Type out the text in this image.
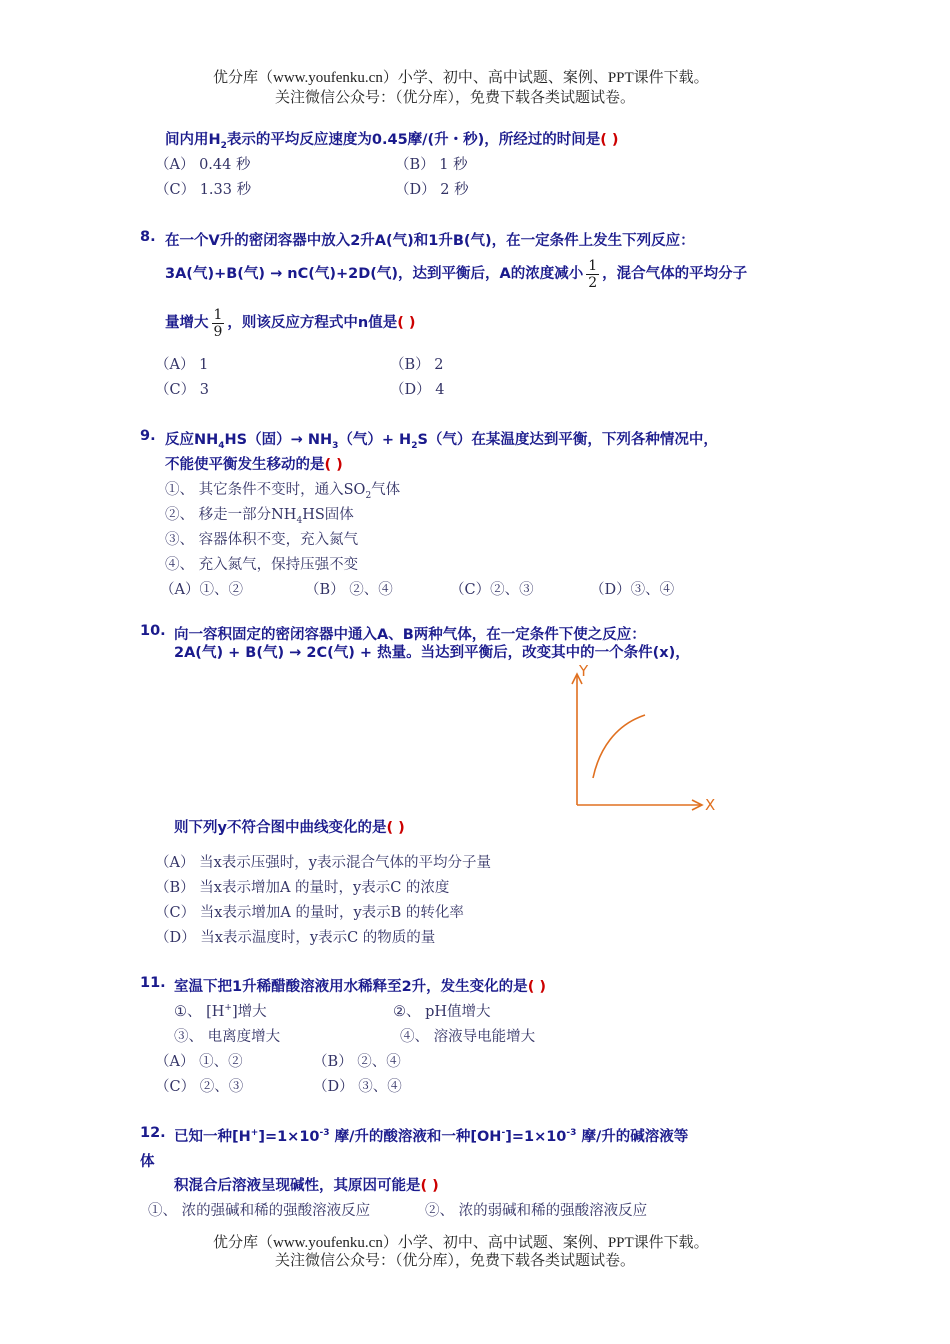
优分库（www.youfenku.cn）小学、初中、高中试题、案例、PPT课件下载。
关注微信公众号：（优分库），免费下载各类试题试卷。
间内用$H_2$表示的平均反应速度为0.45摩/(升・秒)，所经过的时间是( )
（A） 0.44 秒	（B） 1 秒
（C） 1.33 秒	（D） 2 秒
8. 在一个V升的密闭容器中放入2升A(气)和1升B(气)，在一定条件上发生下列反应：
3A(气)+B(气) → nC(气)+2D(气)，达到平衡后，A的浓度减小 $\frac{1}{2}$ ，混合气体的平均分子
量增大 $\frac{1}{9}$ ，则该反应方程式中n值是( )
（A） 1	（B） 2
（C） 3	（D） 4
9. 反应$NH_4HS$（固）→ $NH_3$（气）+ $H_2S$（气）在某温度达到平衡，下列各种情况中，
不能使平衡发生移动的是( )
①、 其它条件不变时，通入$SO_2$气体
②、 移走一部分$NH_4HS$固体
③、 容器体积不变，充入氮气
④、 充入氮气，保持压强不变
（A）①、②	（B） ②、④	（C）②、③	（D）③、④
10. 向一容积固定的密闭容器中通入A、B两种气体，在一定条件下使之反应：
2A(气) + B(气) → 2C(气) + 热量。当达到平衡后，改变其中的一个条件(x)，
Y
X
则下列y不符合图中曲线变化的是( )
（A） 当x表示压强时，y表示混合气体的平均分子量
（B） 当x表示增加A 的量时，y表示C 的浓度
（C） 当x表示增加A 的量时，y表示B 的转化率
（D） 当x表示温度时，y表示C 的物质的量
11. 室温下把1升稀醋酸溶液用水稀释至2升，发生变化的是( )
①、 [H+]增大	②、 pH值增大
③、 电离度增大	④、 溶液导电能增大
（A） ①、②	（B） ②、④
（C） ②、③	（D） ③、④
12. 已知一种$[H^+]=1\times 10^{-3}$ 摩/升的酸溶液和一种$[OH^-]=1\times 10^{-3}$ 摩/升的碱溶液等
体
积混合后溶液呈现碱性，其原因可能是( )
①、 浓的强碱和稀的强酸溶液反应	②、 浓的弱碱和稀的强酸溶液反应
优分库（www.youfenku.cn）小学、初中、高中试题、案例、PPT课件下载。
关注微信公众号：（优分库），免费下载各类试题试卷。
